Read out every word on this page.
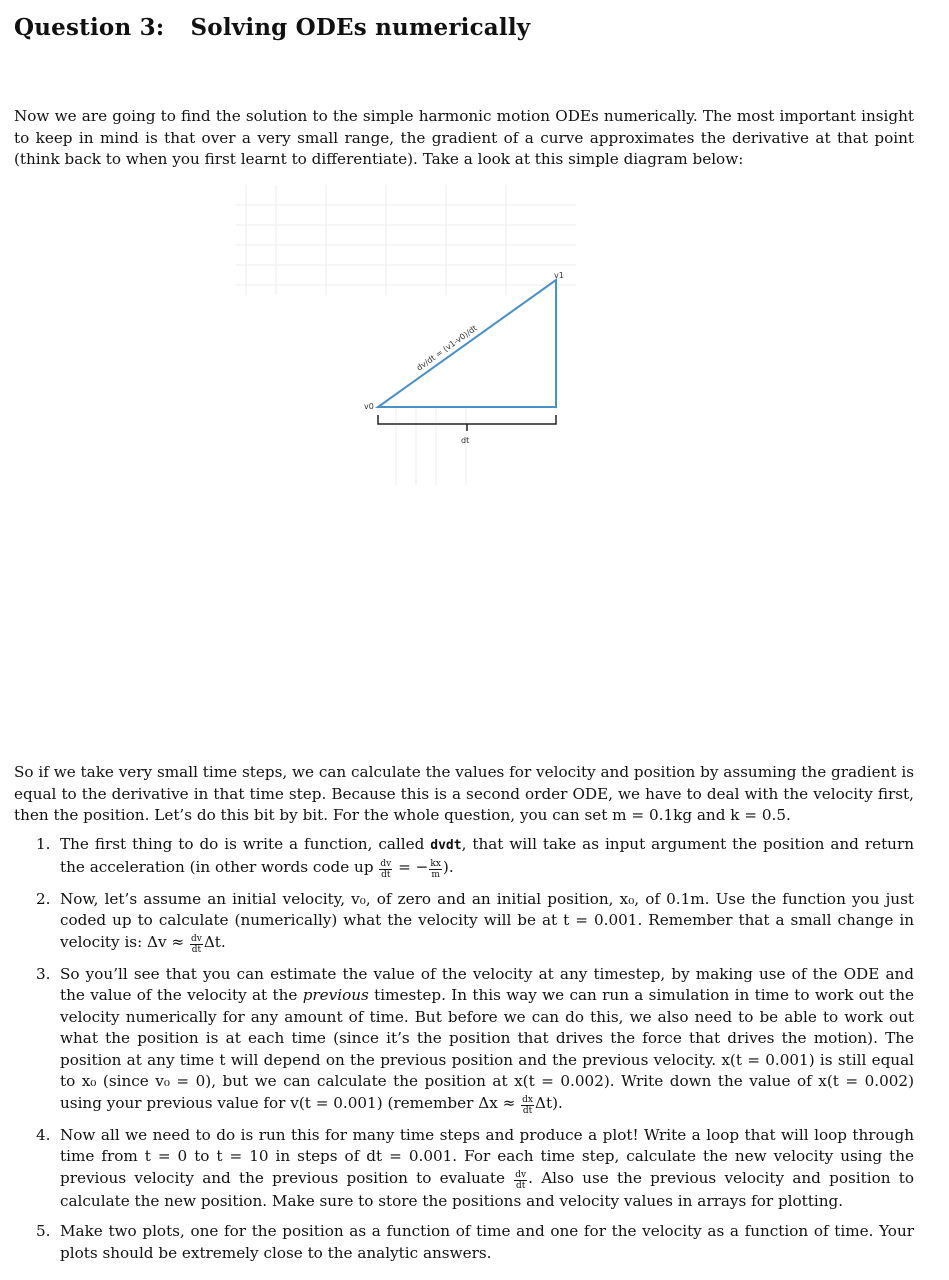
Question 3: Solving ODEs numerically

Now we are going to find the solution to the simple harmonic motion ODEs numerically. The most important insight to keep in mind is that over a very small range, the gradient of a curve approximates the derivative at that point (think back to when you first learnt to differentiate). Take a look at this simple diagram below:

v0
v1
dt
dv/dt = (v1-v0)/dt

So if we take very small time steps, we can calculate the values for velocity and position by assuming the gradient is equal to the derivative in that time step. Because this is a second order ODE, we have to deal with the velocity first, then the position. Let’s do this bit by bit. For the whole question, you can set m = 0.1kg and k = 0.5.

1. The first thing to do is write a function, called dvdt, that will take as input argument the position and return the acceleration (in other words code up $\frac{dv}{dt}$ = − $\frac{kx}{m}$ ).
2. Now, let’s assume an initial velocity, v₀, of zero and an initial position, x₀, of 0.1m. Use the function you just coded up to calculate (numerically) what the velocity will be at t = 0.001. Remember that a small change in velocity is: $\Delta v \approx \frac{dv}{dt} \Delta t$.
3. So you’ll see that you can estimate the value of the velocity at any timestep, by making use of the ODE and the value of the velocity at the previous timestep. In this way we can run a simulation in time to work out the velocity numerically for any amount of time. But before we can do this, we also need to be able to work out what the position is at each time (since it’s the position that drives the force that drives the motion). The position at any time t will depend on the previous position and the previous velocity. x(t = 0.001) is still equal to x₀ (since v₀ = 0), but we can calculate the position at x(t = 0.002). Write down the value of x(t = 0.002) using your previous value for v(t = 0.001) (remember $\Delta x \approx \frac{dx}{dt} \Delta t$).
4. Now all we need to do is run this for many time steps and produce a plot! Write a loop that will loop through time from t = 0 to t = 10 in steps of dt = 0.001. For each time step, calculate the new velocity using the previous velocity and the previous position to evaluate $\frac{dv}{dt}$ . Also use the previous velocity and position to calculate the new position. Make sure to store the positions and velocity values in arrays for plotting.
5. Make two plots, one for the position as a function of time and one for the velocity as a function of time. Your plots should be extremely close to the analytic answers.
